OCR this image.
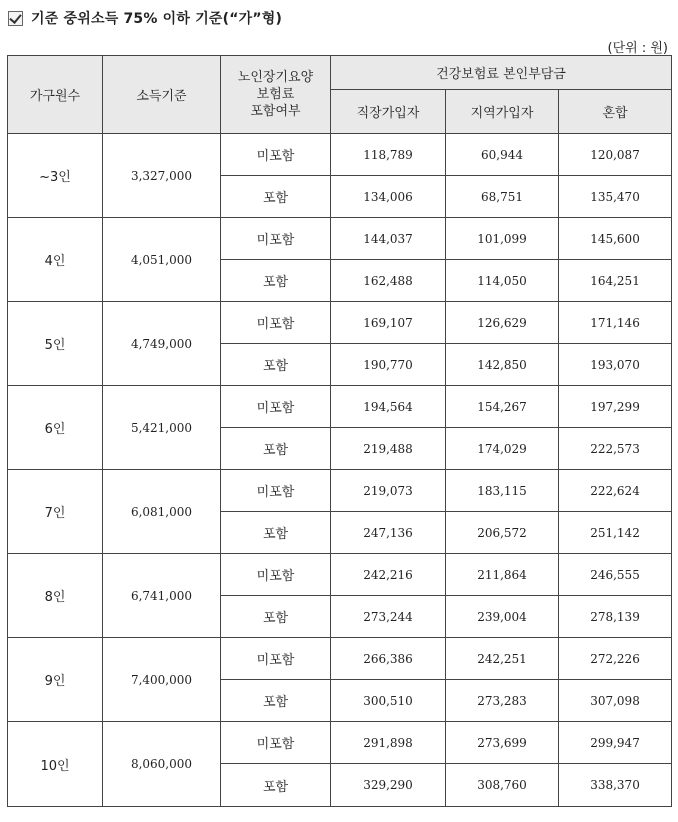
기준 중위소득 75% 이하 기준(“가”형)
(단위 : 원)
가구원수	소득기준	노인장기요양
보험료
포함여부	건강보험료 본인부담금		
			직장가입자	지역가입자	혼합
~3인	3,327,000	미포함	118,789	60,944	120,087
		포함	134,006	68,751	135,470
4인	4,051,000	미포함	144,037	101,099	145,600
		포함	162,488	114,050	164,251
5인	4,749,000	미포함	169,107	126,629	171,146
		포함	190,770	142,850	193,070
6인	5,421,000	미포함	194,564	154,267	197,299
		포함	219,488	174,029	222,573
7인	6,081,000	미포함	219,073	183,115	222,624
		포함	247,136	206,572	251,142
8인	6,741,000	미포함	242,216	211,864	246,555
		포함	273,244	239,004	278,139
9인	7,400,000	미포함	266,386	242,251	272,226
		포함	300,510	273,283	307,098
10인	8,060,000	미포함	291,898	273,699	299,947
		포함	329,290	308,760	338,370
